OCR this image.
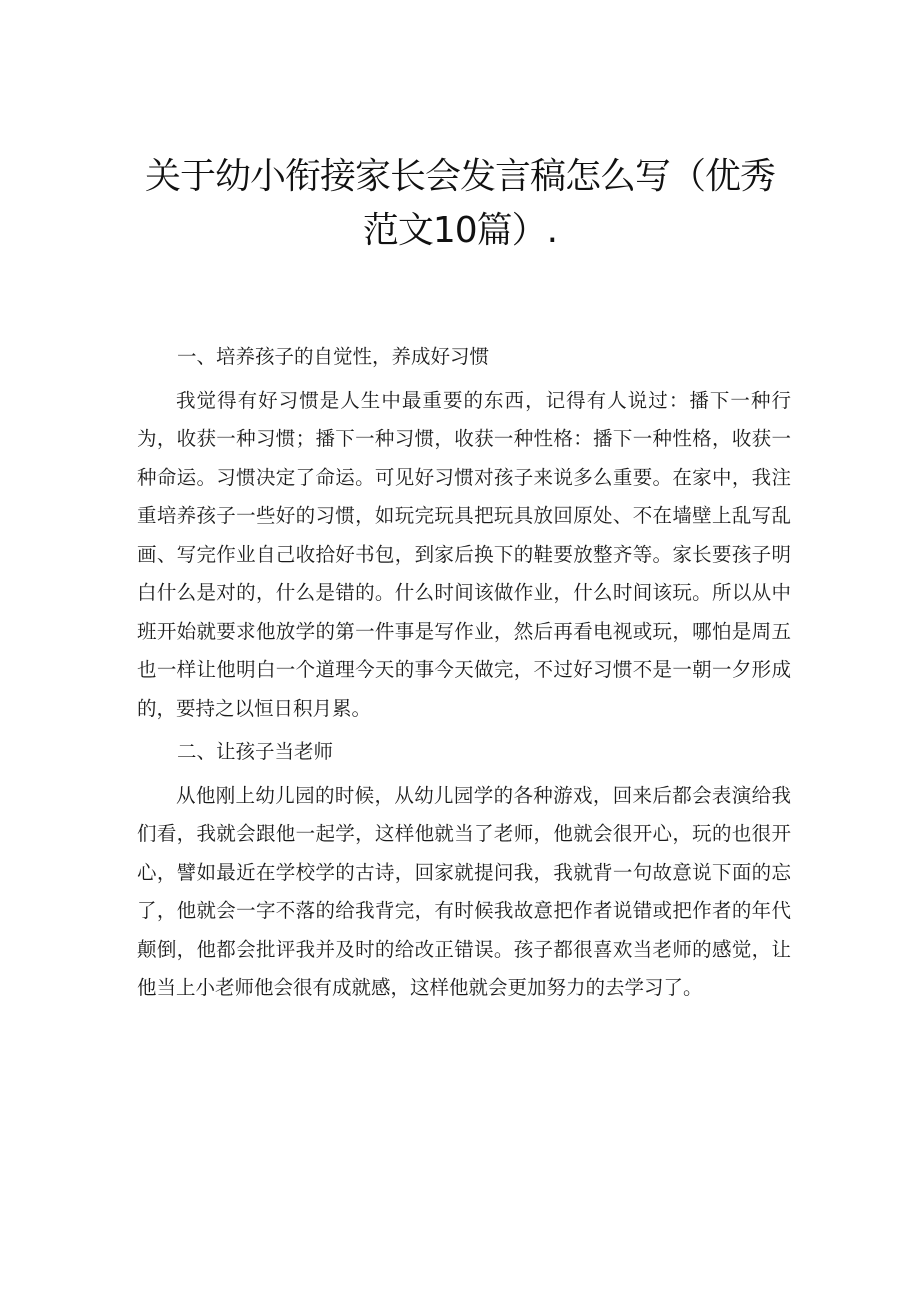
关于幼小衔接家长会发言稿怎么写（优秀
范文10篇）.
一、培养孩子的自觉性，养成好习惯

我觉得有好习惯是人生中最重要的东西，记得有人说过：播下一种行为，收获一种习惯；播下一种习惯，收获一种性格：播下一种性格，收获一种命运。习惯决定了命运。可见好习惯对孩子来说多么重要。在家中，我注重培养孩子一些好的习惯，如玩完玩具把玩具放回原处、不在墙壁上乱写乱画、写完作业自己收拾好书包，到家后换下的鞋要放整齐等。家长要孩子明白什么是对的，什么是错的。什么时间该做作业，什么时间该玩。所以从中班开始就要求他放学的第一件事是写作业，然后再看电视或玩，哪怕是周五也一样让他明白一个道理今天的事今天做完，不过好习惯不是一朝一夕形成的，要持之以恒日积月累。

二、让孩子当老师

从他刚上幼儿园的时候，从幼儿园学的各种游戏，回来后都会表演给我们看，我就会跟他一起学，这样他就当了老师，他就会很开心，玩的也很开心，譬如最近在学校学的古诗，回家就提问我，我就背一句故意说下面的忘了，他就会一字不落的给我背完，有时候我故意把作者说错或把作者的年代颠倒，他都会批评我并及时的给改正错误。孩子都很喜欢当老师的感觉，让他当上小老师他会很有成就感，这样他就会更加努力的去学习了。
